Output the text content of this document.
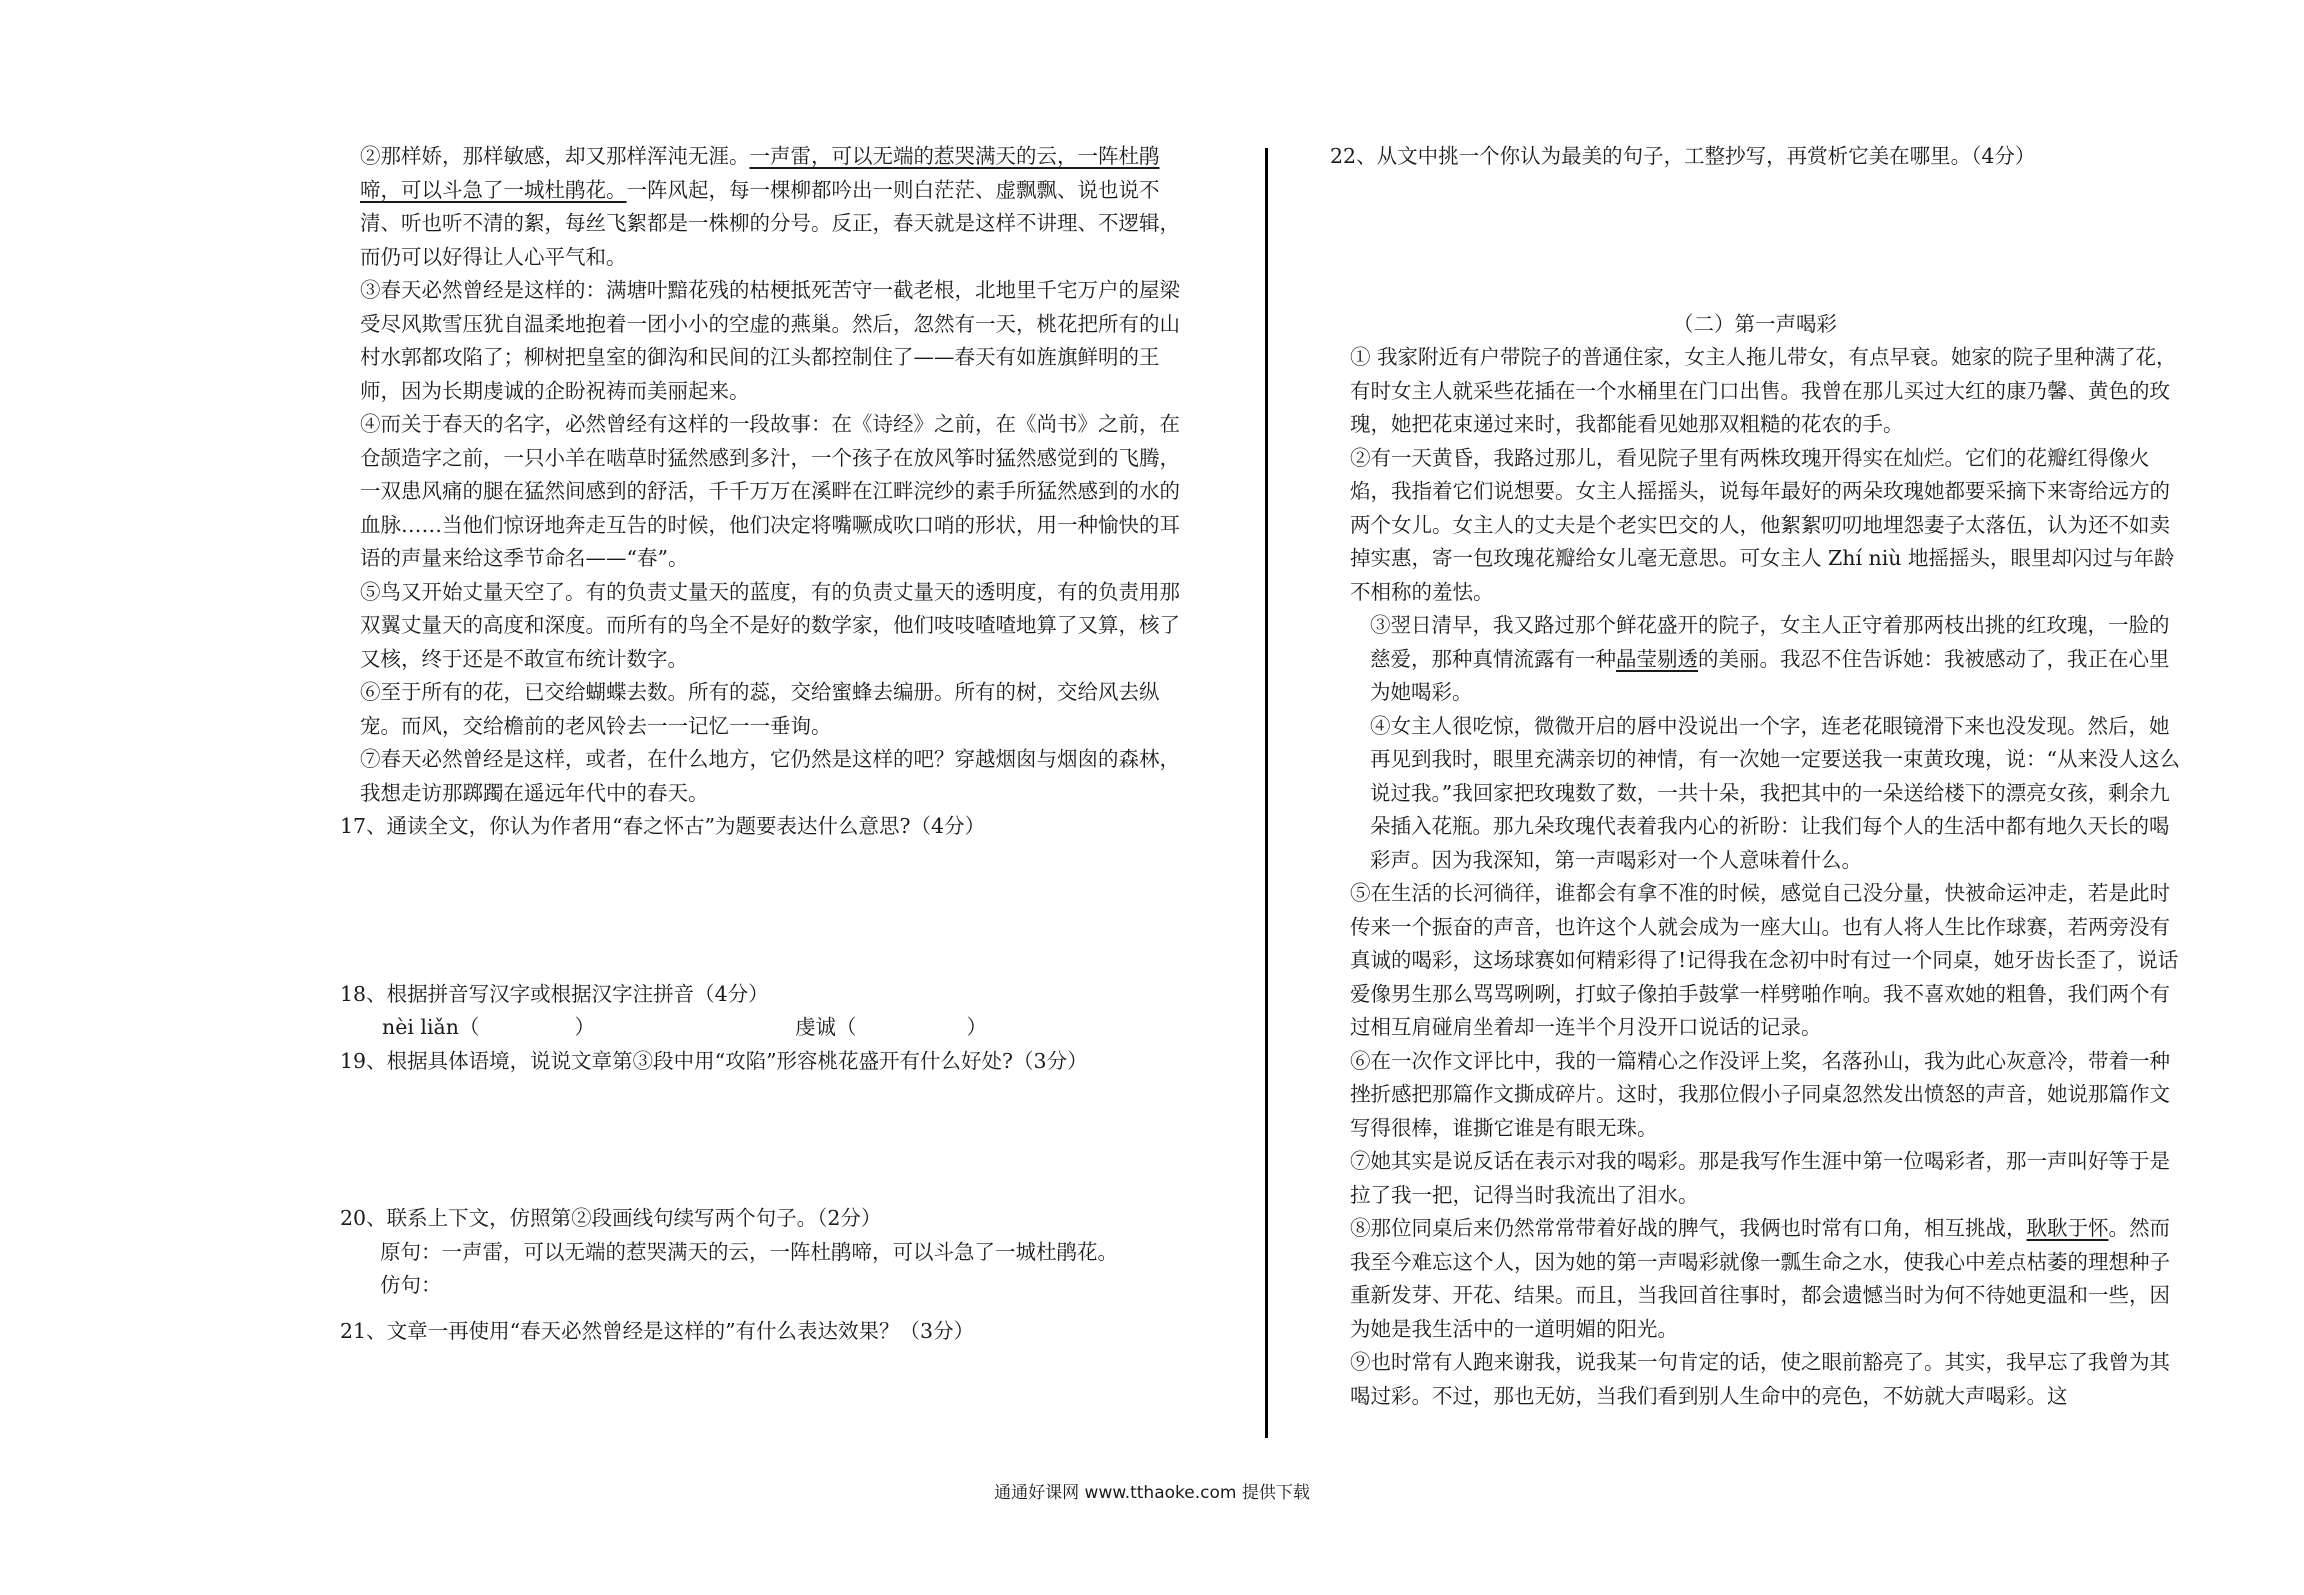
②那样娇，那样敏感，却又那样浑沌无涯。一声雷，可以无端的惹哭满天的云，一阵杜鹃啼，可以斗急了一城杜鹃花。一阵风起，每一棵柳都吟出一则白茫茫、虚飘飘、说也说不清、听也听不清的絮，每丝飞絮都是一株柳的分号。反正，春天就是这样不讲理、不逻辑，而仍可以好得让人心平气和。

③春天必然曾经是这样的：满塘叶黯花残的枯梗抵死苦守一截老根，北地里千宅万户的屋梁受尽风欺雪压犹自温柔地抱着一团小小的空虚的燕巢。然后，忽然有一天，桃花把所有的山村水郭都攻陷了；柳树把皇室的御沟和民间的江头都控制住了——春天有如旌旗鲜明的王师，因为长期虔诚的企盼祝祷而美丽起来。

④而关于春天的名字，必然曾经有这样的一段故事：在《诗经》之前，在《尚书》之前，在仓颉造字之前，一只小羊在啮草时猛然感到多汁，一个孩子在放风筝时猛然感觉到的飞腾，一双患风痛的腿在猛然间感到的舒活，千千万万在溪畔在江畔浣纱的素手所猛然感到的水的血脉……当他们惊讶地奔走互告的时候，他们决定将嘴噘成吹口哨的形状，用一种愉快的耳语的声量来给这季节命名——“春”。

⑤鸟又开始丈量天空了。有的负责丈量天的蓝度，有的负责丈量天的透明度，有的负责用那双翼丈量天的高度和深度。而所有的鸟全不是好的数学家，他们吱吱喳喳地算了又算，核了又核，终于还是不敢宣布统计数字。

⑥至于所有的花，已交给蝴蝶去数。所有的蕊，交给蜜蜂去编册。所有的树，交给风去纵宠。而风，交给檐前的老风铃去一一记忆一一垂询。

⑦春天必然曾经是这样，或者，在什么地方，它仍然是这样的吧？穿越烟囱与烟囱的森林，我想走访那踯躅在遥远年代中的春天。

17、通读全文，你认为作者用“春之怀古”为题要表达什么意思?（4分）

18、根据拼音写汉字或根据汉字注拼音（4分）

nèi liǎn（	）	虔诚（	）

19、根据具体语境，说说文章第③段中用“攻陷”形容桃花盛开有什么好处?（3分）

20、联系上下文，仿照第②段画线句续写两个句子。（2分）

原句：一声雷，可以无端的惹哭满天的云，一阵杜鹃啼，可以斗急了一城杜鹃花。

仿句：

21、文章一再使用“春天必然曾经是这样的”有什么表达效果？（3分）

22、从文中挑一个你认为最美的句子，工整抄写，再赏析它美在哪里。（4分）

（二）第一声喝彩

① 我家附近有户带院子的普通住家，女主人拖儿带女，有点早衰。她家的院子里种满了花，有时女主人就采些花插在一个水桶里在门口出售。我曾在那儿买过大红的康乃馨、黄色的玫瑰，她把花束递过来时，我都能看见她那双粗糙的花农的手。

②有一天黄昏，我路过那儿，看见院子里有两株玫瑰开得实在灿烂。它们的花瓣红得像火焰，我指着它们说想要。女主人摇摇头，说每年最好的两朵玫瑰她都要采摘下来寄给远方的两个女儿。女主人的丈夫是个老实巴交的人，他絮絮叨叨地埋怨妻子太落伍，认为还不如卖掉实惠，寄一包玫瑰花瓣给女儿毫无意思。可女主人 Zhí niù 地摇摇头，眼里却闪过与年龄不相称的羞怯。

③翌日清早，我又路过那个鲜花盛开的院子，女主人正守着那两枝出挑的红玫瑰，一脸的慈爱，那种真情流露有一种晶莹剔透的美丽。我忍不住告诉她：我被感动了，我正在心里为她喝彩。

④女主人很吃惊，微微开启的唇中没说出一个字，连老花眼镜滑下来也没发现。然后，她再见到我时，眼里充满亲切的神情，有一次她一定要送我一束黄玫瑰，说：“从来没人这么说过我。”我回家把玫瑰数了数，一共十朵，我把其中的一朵送给楼下的漂亮女孩，剩余九朵插入花瓶。那九朵玫瑰代表着我内心的祈盼：让我们每个人的生活中都有地久天长的喝彩声。因为我深知，第一声喝彩对一个人意味着什么。

⑤在生活的长河徜徉，谁都会有拿不准的时候，感觉自己没分量，快被命运冲走，若是此时传来一个振奋的声音，也许这个人就会成为一座大山。也有人将人生比作球赛，若两旁没有真诚的喝彩，这场球赛如何精彩得了!记得我在念初中时有过一个同桌，她牙齿长歪了，说话爱像男生那么骂骂咧咧，打蚊子像拍手鼓掌一样劈啪作响。我不喜欢她的粗鲁，我们两个有过相互肩碰肩坐着却一连半个月没开口说话的记录。

⑥在一次作文评比中，我的一篇精心之作没评上奖，名落孙山，我为此心灰意冷，带着一种挫折感把那篇作文撕成碎片。这时，我那位假小子同桌忽然发出愤怒的声音，她说那篇作文写得很棒，谁撕它谁是有眼无珠。

⑦她其实是说反话在表示对我的喝彩。那是我写作生涯中第一位喝彩者，那一声叫好等于是拉了我一把，记得当时我流出了泪水。

⑧那位同桌后来仍然常常带着好战的脾气，我俩也时常有口角，相互挑战，耿耿于怀。然而我至今难忘这个人，因为她的第一声喝彩就像一瓢生命之水，使我心中差点枯萎的理想种子重新发芽、开花、结果。而且，当我回首往事时，都会遗憾当时为何不待她更温和一些，因为她是我生活中的一道明媚的阳光。

⑨也时常有人跑来谢我，说我某一句肯定的话，使之眼前豁亮了。其实，我早忘了我曾为其喝过彩。不过，那也无妨，当我们看到别人生命中的亮色，不妨就大声喝彩。这

通通好课网 www.tthaoke.com 提供下载
